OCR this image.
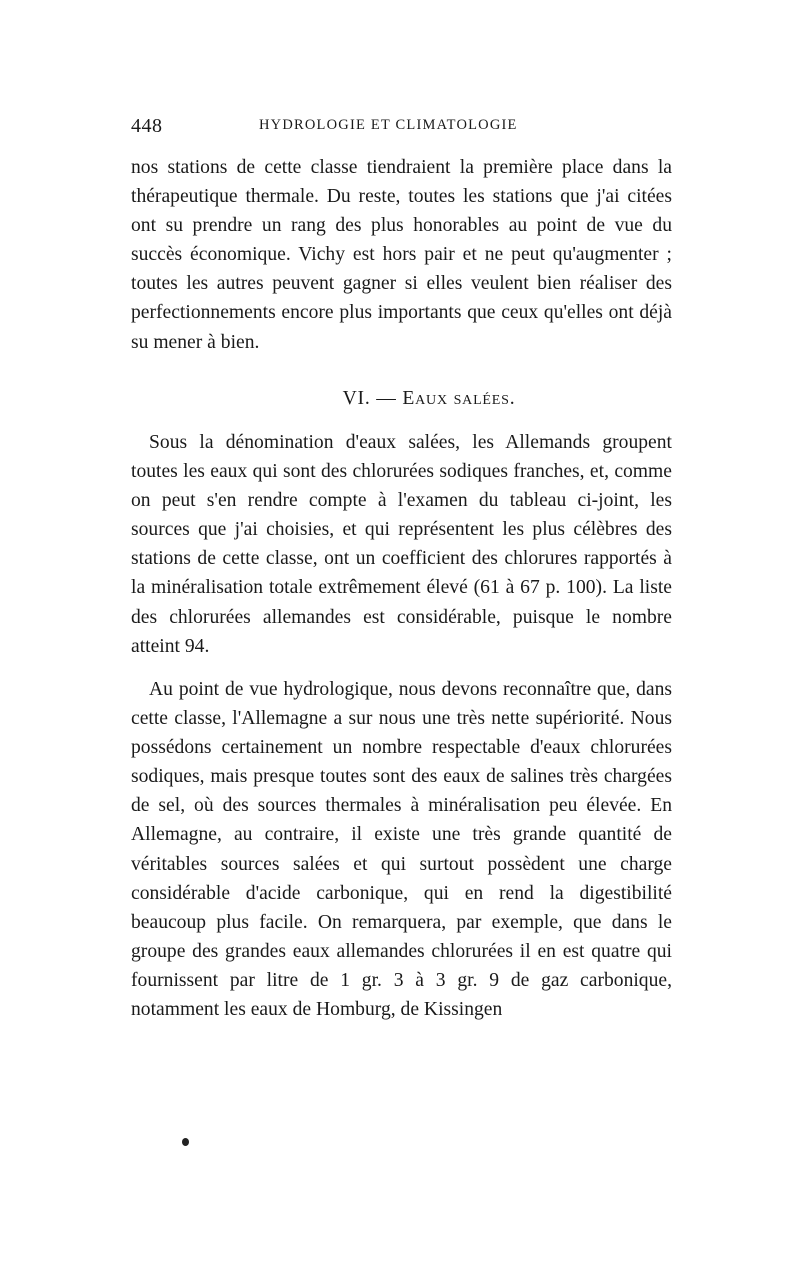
448	HYDROLOGIE ET CLIMATOLOGIE

nos stations de cette classe tiendraient la première place dans la thérapeutique thermale. Du reste, toutes les stations que j'ai citées ont su prendre un rang des plus honorables au point de vue du succès économique. Vichy est hors pair et ne peut qu'augmenter ; toutes les autres peuvent gagner si elles veulent bien réaliser des perfectionnements encore plus importants que ceux qu'elles ont déjà su mener à bien.

VI. — Eaux salées.

Sous la dénomination d'eaux salées, les Allemands groupent toutes les eaux qui sont des chlorurées sodiques franches, et, comme on peut s'en rendre compte à l'examen du tableau ci-joint, les sources que j'ai choisies, et qui représentent les plus célèbres des stations de cette classe, ont un coefficient des chlorures rapportés à la minéralisation totale extrêmement élevé (61 à 67 p. 100). La liste des chlorurées allemandes est considérable, puisque le nombre atteint 94.

Au point de vue hydrologique, nous devons reconnaître que, dans cette classe, l'Allemagne a sur nous une très nette supériorité. Nous possédons certainement un nombre respectable d'eaux chlorurées sodiques, mais presque toutes sont des eaux de salines très chargées de sel, où des sources thermales à minéralisation peu élevée. En Allemagne, au contraire, il existe une très grande quantité de véritables sources salées et qui surtout possèdent une charge considérable d'acide carbonique, qui en rend la digestibilité beaucoup plus facile. On remarquera, par exemple, que dans le groupe des grandes eaux allemandes chlorurées il en est quatre qui fournissent par litre de 1 gr. 3 à 3 gr. 9 de gaz carbonique, notamment les eaux de Homburg, de Kissingen
